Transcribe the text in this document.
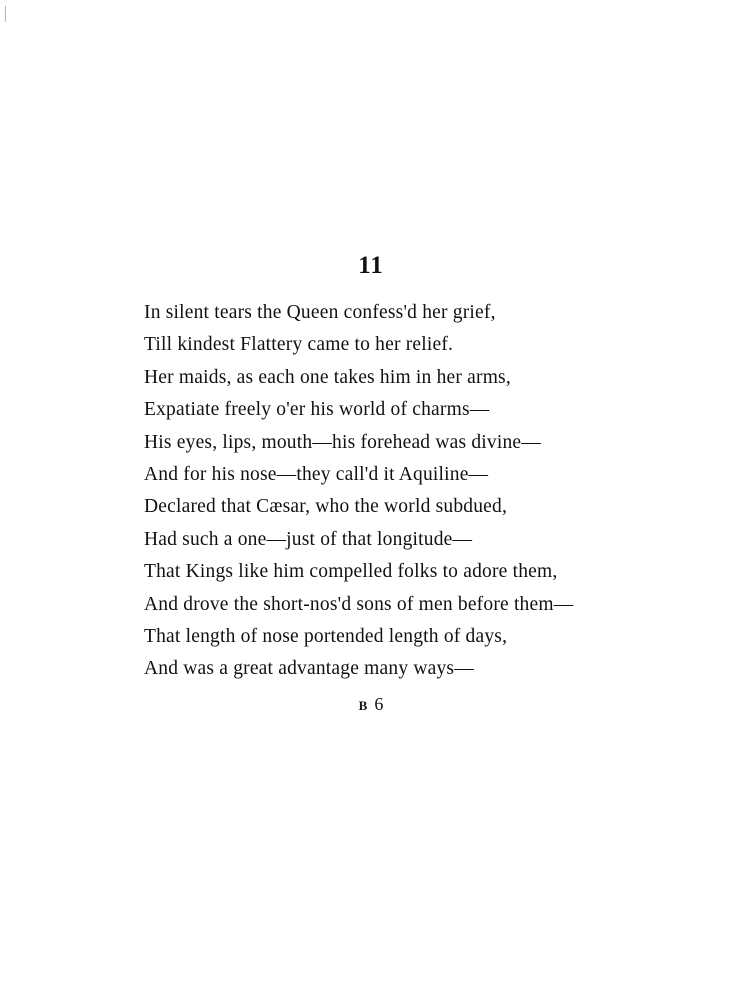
11
In silent tears the Queen confess'd her grief,
Till kindest Flattery came to her relief.
Her maids, as each one takes him in her arms,
Expatiate freely o'er his world of charms—
His eyes, lips, mouth—his forehead was divine—
And for his nose—they call'd it Aquiline—
Declared that Cæsar, who the world subdued,
Had such a one—just of that longitude—
That Kings like him compelled folks to adore them,
And drove the short-nos'd sons of men before them—
That length of nose portended length of days,
And was a great advantage many ways—
B 6
